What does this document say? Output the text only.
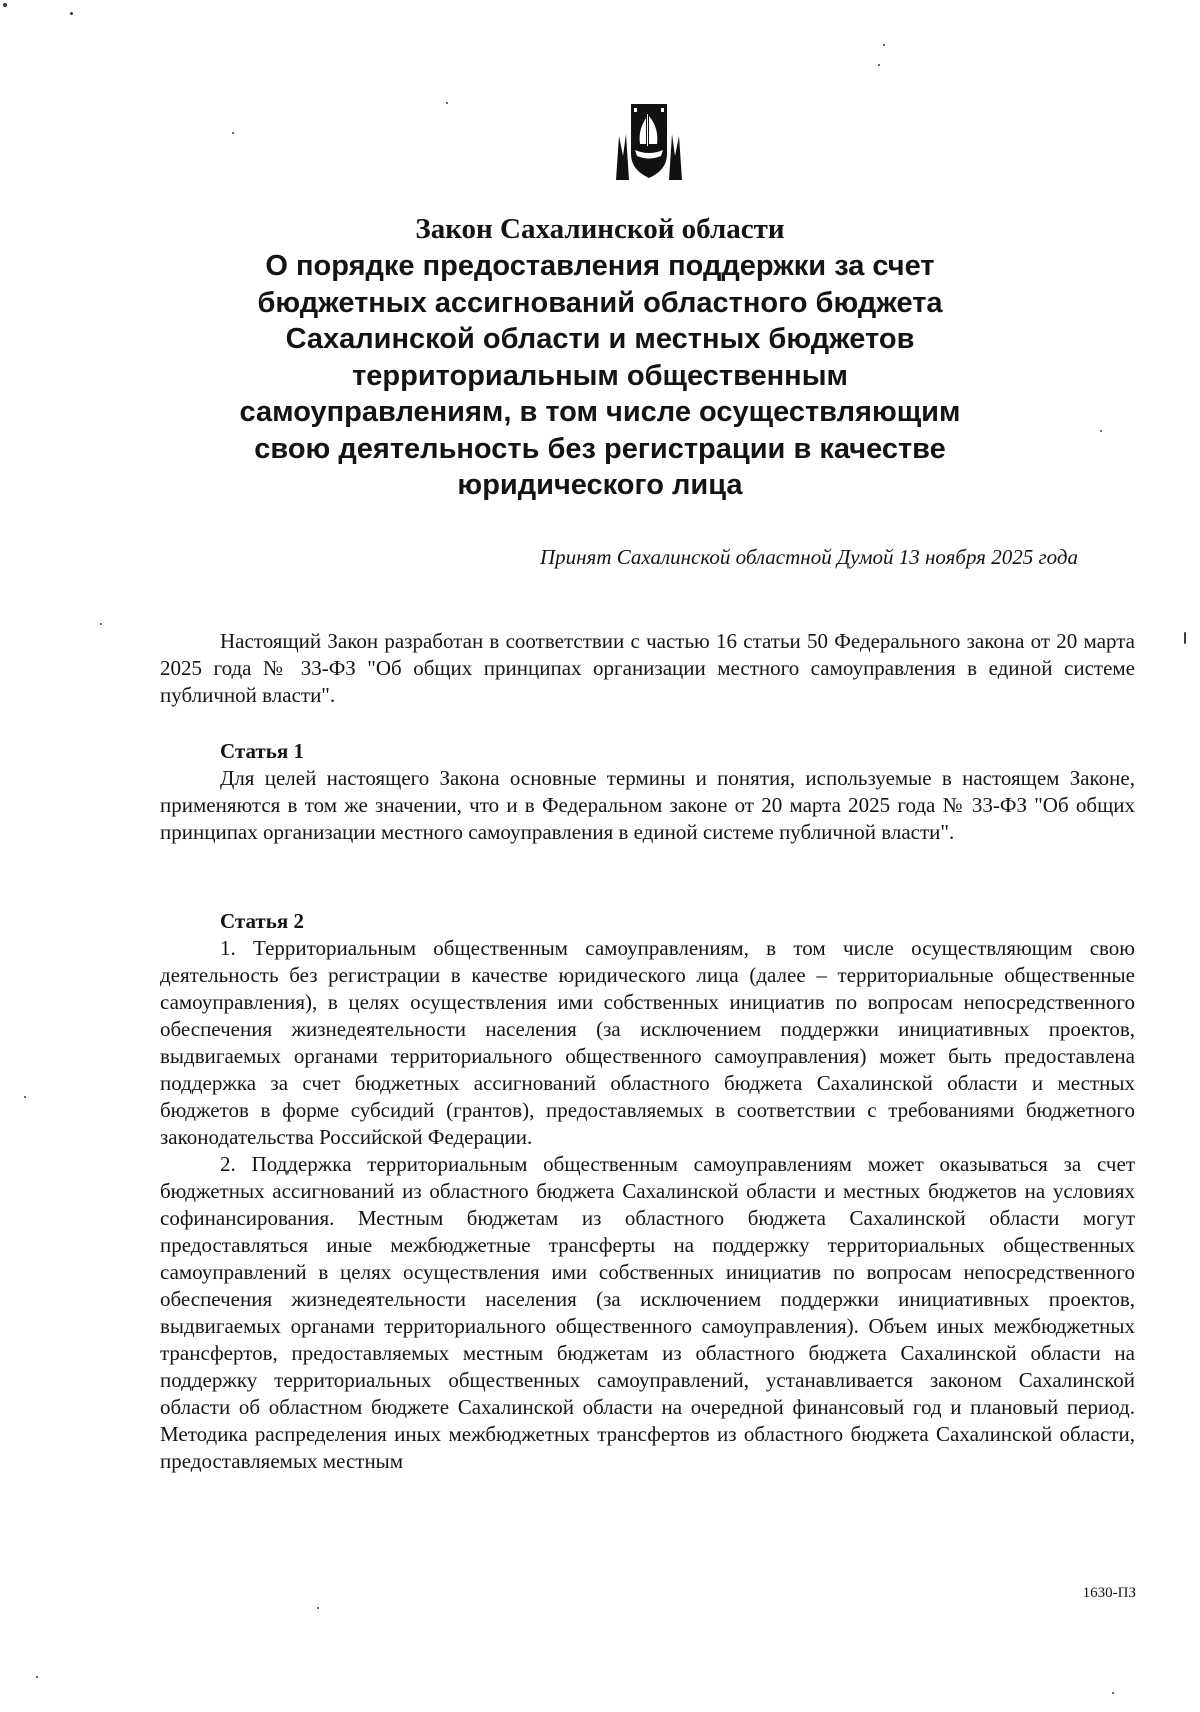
Закон Сахалинской области

О порядке предоставления поддержки за счет
бюджетных ассигнований областного бюджета
Сахалинской области и местных бюджетов
территориальным общественным
самоуправлениям, в том числе осуществляющим
свою деятельность без регистрации в качестве
юридического лица
Принят Сахалинской областной Думой 13 ноября 2025 года

Настоящий Закон разработан в соответствии с частью 16 статьи 50 Федерального закона от 20 марта 2025 года № 33-ФЗ "Об общих принципах организации местного самоуправления в единой системе публичной власти".

Статья 1

Для целей настоящего Закона основные термины и понятия, используемые в настоящем Законе, применяются в том же значении, что и в Федеральном законе от 20 марта 2025 года № 33-ФЗ "Об общих принципах организации местного самоуправления в единой системе публичной власти".

Статья 2

1. Территориальным общественным самоуправлениям, в том числе осуществляющим свою деятельность без регистрации в качестве юридического лица (далее – территориальные общественные самоуправления), в целях осуществления ими собственных инициатив по вопросам непосредственного обеспечения жизнедеятельности населения (за исключением поддержки инициативных проектов, выдвигаемых органами территориального общественного самоуправления) может быть предоставлена поддержка за счет бюджетных ассигнований областного бюджета Сахалинской области и местных бюджетов в форме субсидий (грантов), предоставляемых в соответствии с требованиями бюджетного законодательства Российской Федерации.

2. Поддержка территориальным общественным самоуправлениям может оказываться за счет бюджетных ассигнований из областного бюджета Сахалинской области и местных бюджетов на условиях софинансирования. Местным бюджетам из областного бюджета Сахалинской области могут предоставляться иные межбюджетные трансферты на поддержку территориальных общественных самоуправлений в целях осуществления ими собственных инициатив по вопросам непосредственного обеспечения жизнедеятельности населения (за исключением поддержки инициативных проектов, выдвигаемых органами территориального общественного самоуправления). Объем иных межбюджетных трансфертов, предоставляемых местным бюджетам из областного бюджета Сахалинской области на поддержку территориальных общественных самоуправлений, устанавливается законом Сахалинской области об областном бюджете Сахалинской области на очередной финансовый год и плановый период. Методика распределения иных межбюджетных трансфертов из областного бюджета Сахалинской области, предоставляемых местным

1630-ПЗ
